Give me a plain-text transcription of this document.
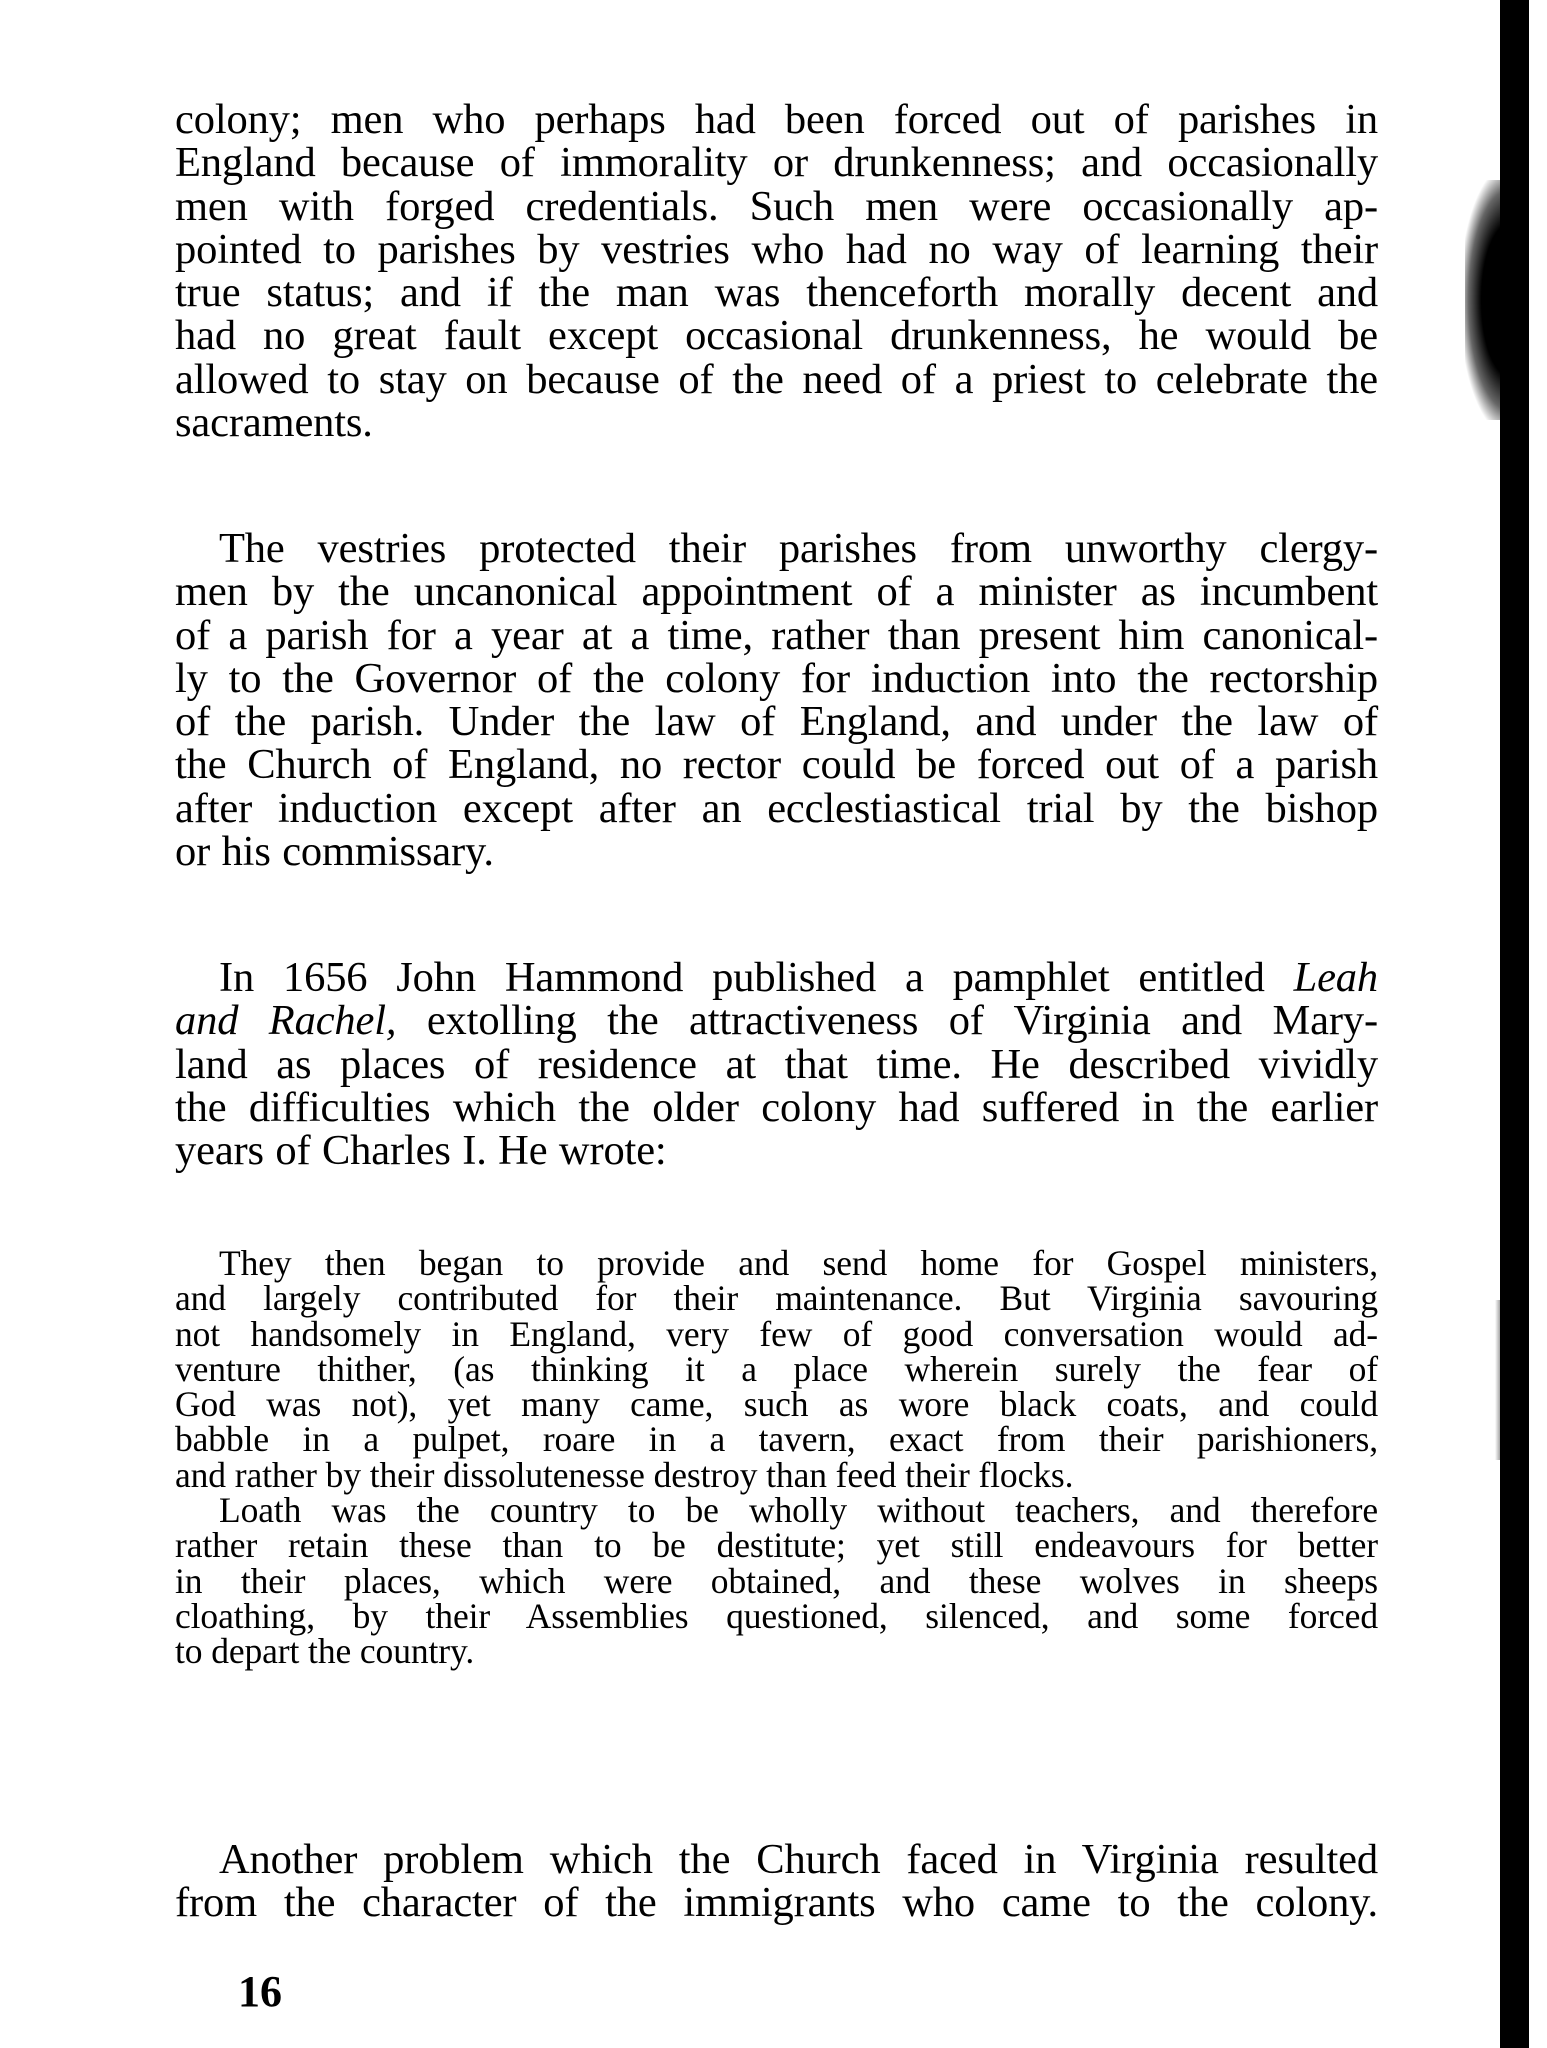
colony; men who perhaps had been forced out of parishes in
England because of immorality or drunkenness; and occasionally
men with forged credentials. Such men were occasionally ap-
pointed to parishes by vestries who had no way of learning their
true status; and if the man was thenceforth morally decent and
had no great fault except occasional drunkenness, he would be
allowed to stay on because of the need of a priest to celebrate the
sacraments.
The vestries protected their parishes from unworthy clergy-
men by the uncanonical appointment of a minister as incumbent
of a parish for a year at a time, rather than present him canonical-
ly to the Governor of the colony for induction into the rectorship
of the parish. Under the law of England, and under the law of
the Church of England, no rector could be forced out of a parish
after induction except after an ecclestiastical trial by the bishop
or his commissary.
In 1656 John Hammond published a pamphlet entitled Leah
and Rachel, extolling the attractiveness of Virginia and Mary-
land as places of residence at that time. He described vividly
the difficulties which the older colony had suffered in the earlier
years of Charles I. He wrote:
They then began to provide and send home for Gospel ministers,
and largely contributed for their maintenance. But Virginia savouring
not handsomely in England, very few of good conversation would ad-
venture thither, (as thinking it a place wherein surely the fear of
God was not), yet many came, such as wore black coats, and could
babble in a pulpet, roare in a tavern, exact from their parishioners,
and rather by their dissolutenesse destroy than feed their flocks.
Loath was the country to be wholly without teachers, and therefore
rather retain these than to be destitute; yet still endeavours for better
in their places, which were obtained, and these wolves in sheeps
cloathing, by their Assemblies questioned, silenced, and some forced
to depart the country.
Another problem which the Church faced in Virginia resulted
from the character of the immigrants who came to the colony.
16
